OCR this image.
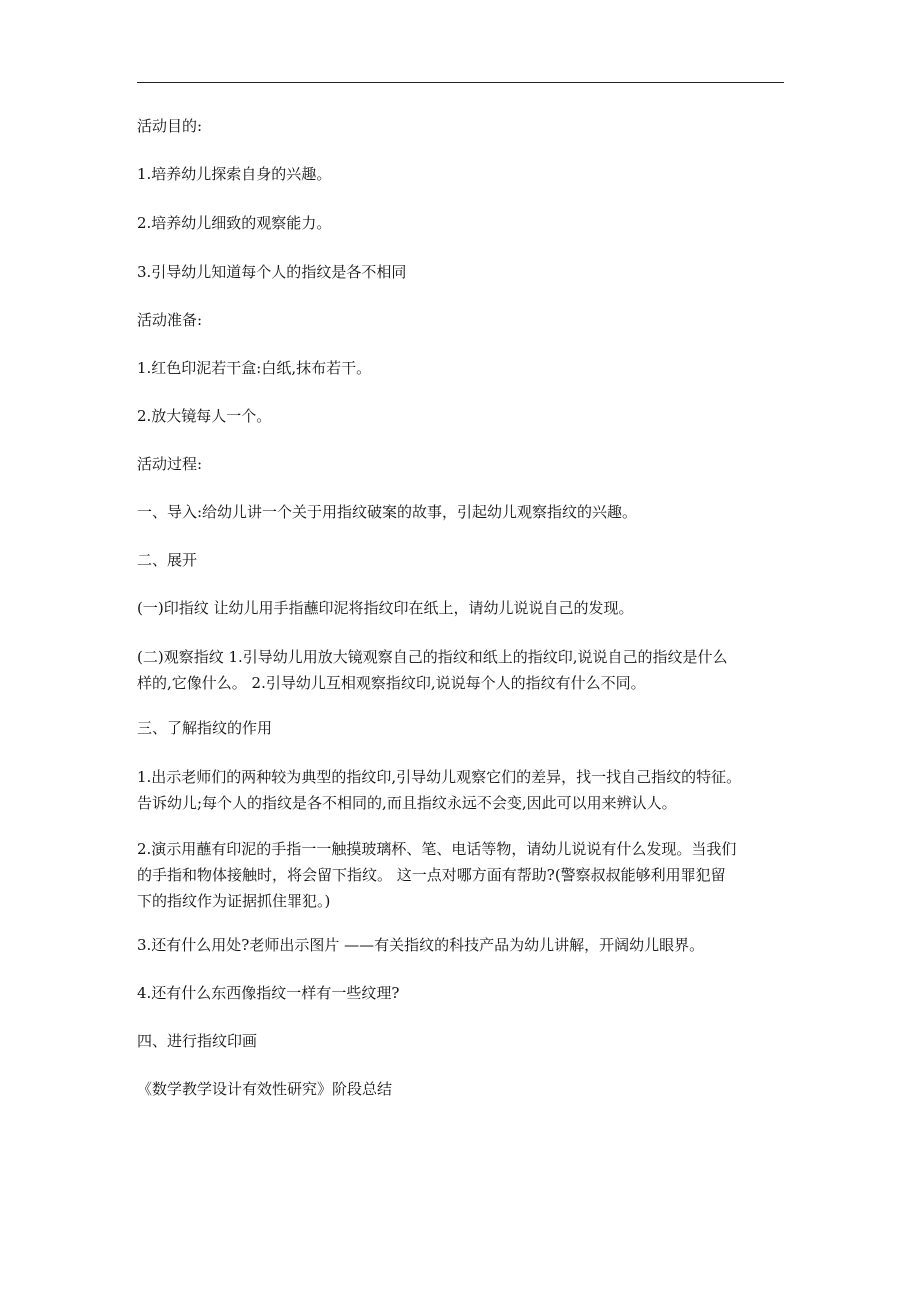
活动目的:
1.培养幼儿探索自身的兴趣。
2.培养幼儿细致的观察能力。
3.引导幼儿知道每个人的指纹是各不相同
活动准备:
1.红色印泥若干盒:白纸,抹布若干。
2.放大镜每人一个。
活动过程:
一、导入:给幼儿讲一个关于用指纹破案的故事，引起幼儿观察指纹的兴趣。
二、展开
(一)印指纹 让幼儿用手指蘸印泥将指纹印在纸上，请幼儿说说自己的发现。
(二)观察指纹 1.引导幼儿用放大镜观察自己的指纹和纸上的指纹印,说说自己的指纹是什么
样的,它像什么。 2.引导幼儿互相观察指纹印,说说每个人的指纹有什么不同。
三、了解指纹的作用
1.出示老师们的两种较为典型的指纹印,引导幼儿观察它们的差异，找一找自己指纹的特征。
告诉幼儿;每个人的指纹是各不相同的,而且指纹永远不会变,因此可以用来辨认人。
2.演示用蘸有印泥的手指一一触摸玻璃杯、笔、电话等物，请幼儿说说有什么发现。当我们
的手指和物体接触时，将会留下指纹。 这一点对哪方面有帮助?(警察叔叔能够利用罪犯留
下的指纹作为证据抓住罪犯。)
3.还有什么用处?老师出示图片 ——有关指纹的科技产品为幼儿讲解，开阔幼儿眼界。
4.还有什么东西像指纹一样有一些纹理?
四、进行指纹印画
《数学教学设计有效性研究》阶段总结
